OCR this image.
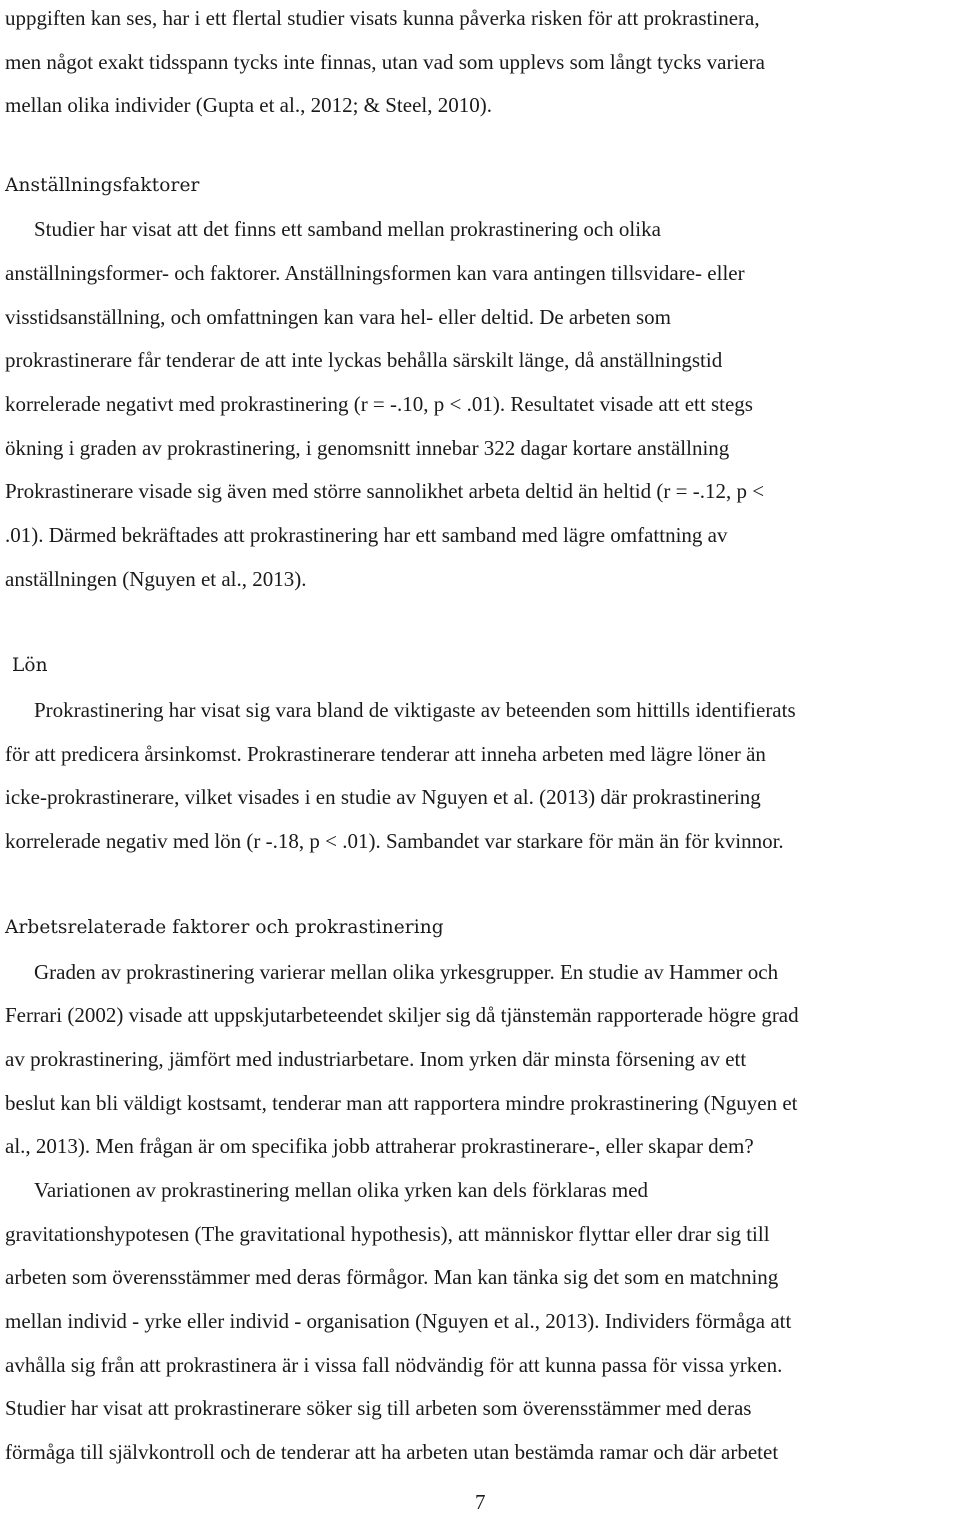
uppgiften kan ses, har i ett flertal studier visats kunna påverka risken för att prokrastinera,
men något exakt tidsspann tycks inte finnas, utan vad som upplevs som långt tycks variera
mellan olika individer (Gupta et al., 2012; & Steel, 2010).
Anställningsfaktorer
Studier har visat att det finns ett samband mellan prokrastinering och olika
anställningsformer- och faktorer. Anställningsformen kan vara antingen tillsvidare- eller
visstidsanställning, och omfattningen kan vara hel- eller deltid. De arbeten som
prokrastinerare får tenderar de att inte lyckas behålla särskilt länge, då anställningstid
korrelerade negativt med prokrastinering (r = -.10, p < .01). Resultatet visade att ett stegs
ökning i graden av prokrastinering, i genomsnitt innebar 322 dagar kortare anställning
Prokrastinerare visade sig även med större sannolikhet arbeta deltid än heltid (r = -.12, p <
.01). Därmed bekräftades att prokrastinering har ett samband med lägre omfattning av
anställningen (Nguyen et al., 2013).
Lön
Prokrastinering har visat sig vara bland de viktigaste av beteenden som hittills identifierats
för att predicera årsinkomst. Prokrastinerare tenderar att inneha arbeten med lägre löner än
icke-prokrastinerare, vilket visades i en studie av Nguyen et al. (2013) där prokrastinering
korrelerade negativ med lön (r -.18, p < .01). Sambandet var starkare för män än för kvinnor.
Arbetsrelaterade faktorer och prokrastinering
Graden av prokrastinering varierar mellan olika yrkesgrupper. En studie av Hammer och
Ferrari (2002) visade att uppskjutarbeteendet skiljer sig då tjänstemän rapporterade högre grad
av prokrastinering, jämfört med industriarbetare. Inom yrken där minsta försening av ett
beslut kan bli väldigt kostsamt, tenderar man att rapportera mindre prokrastinering (Nguyen et
al., 2013). Men frågan är om specifika jobb attraherar prokrastinerare-, eller skapar dem?
Variationen av prokrastinering mellan olika yrken kan dels förklaras med
gravitationshypotesen (The gravitational hypothesis), att människor flyttar eller drar sig till
arbeten som överensstämmer med deras förmågor. Man kan tänka sig det som en matchning
mellan individ - yrke eller individ - organisation (Nguyen et al., 2013). Individers förmåga att
avhålla sig från att prokrastinera är i vissa fall nödvändig för att kunna passa för vissa yrken.
Studier har visat att prokrastinerare söker sig till arbeten som överensstämmer med deras
förmåga till självkontroll och de tenderar att ha arbeten utan bestämda ramar och där arbetet
7
